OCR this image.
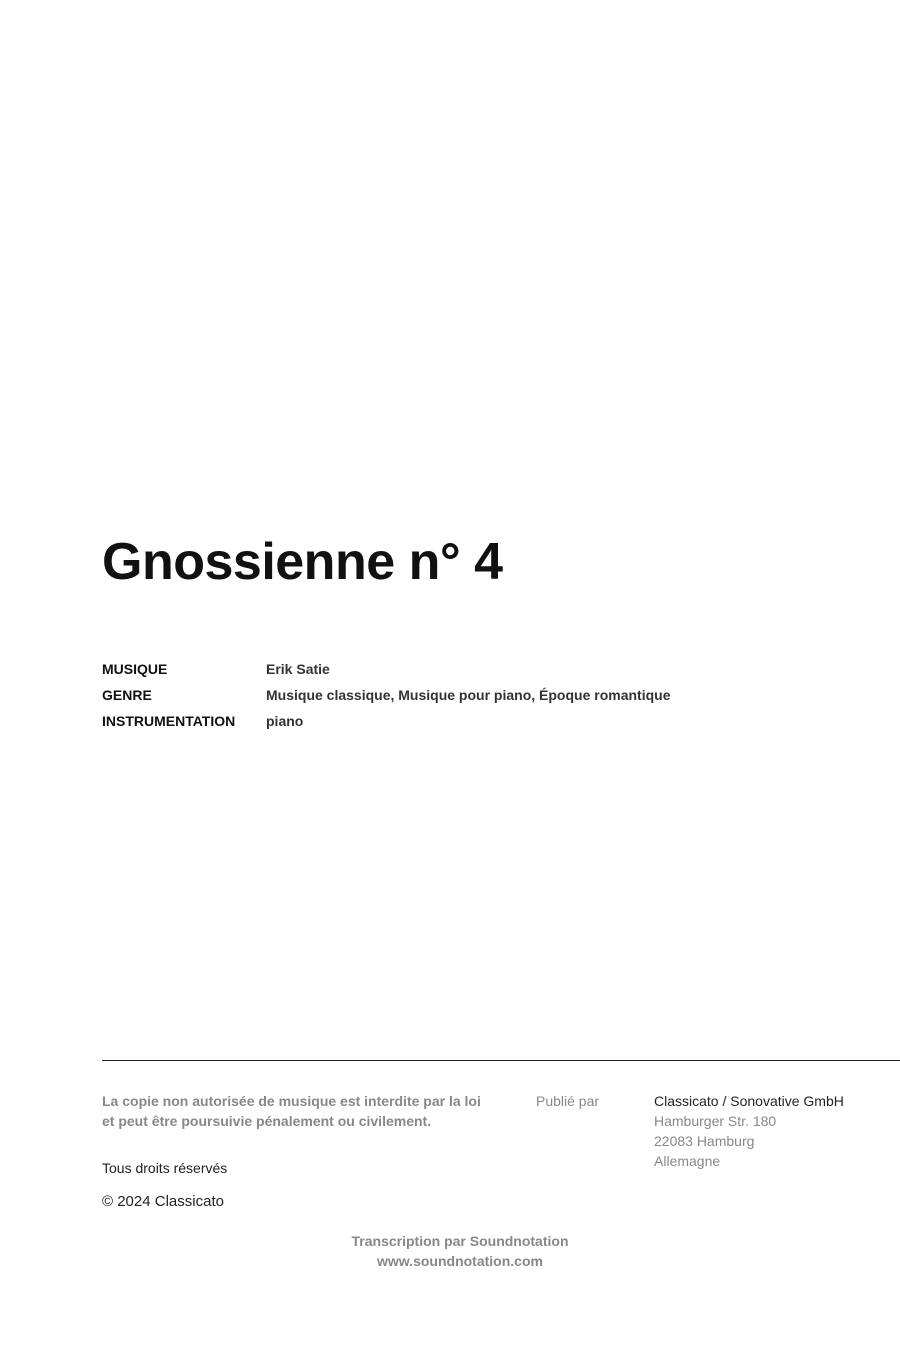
Gnossienne n° 4
MUSIQUE	Erik Satie
GENRE	Musique classique, Musique pour piano, Époque romantique
INSTRUMENTATION	piano
La copie non autorisée de musique est interdite par la loi
et peut être poursuivie pénalement ou civilement.
Tous droits réservés
© 2024 Classicato
Publié par	Classicato / Sonovative GmbH
Hamburger Str. 180
22083 Hamburg
Allemagne
Transcription par Soundnotation
www.soundnotation.com
